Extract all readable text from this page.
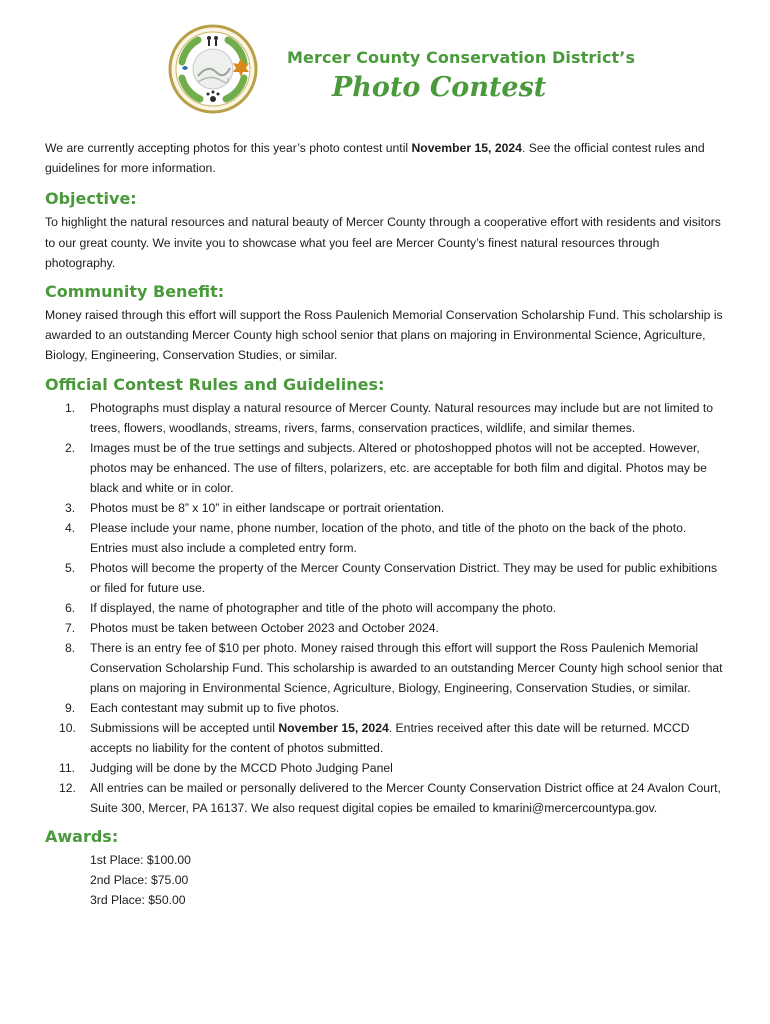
Mercer County Conservation District’s
Photo Contest

We are currently accepting photos for this year’s photo contest until November 15, 2024. See the official contest rules and guidelines for more information.

Objective:

To highlight the natural resources and natural beauty of Mercer County through a cooperative effort with residents and visitors to our great county. We invite you to showcase what you feel are Mercer County’s finest natural resources through photography.

Community Benefit:

Money raised through this effort will support the Ross Paulenich Memorial Conservation Scholarship Fund. This scholarship is awarded to an outstanding Mercer County high school senior that plans on majoring in Environmental Science, Agriculture, Biology, Engineering, Conservation Studies, or similar.

Official Contest Rules and Guidelines:
1.	Photographs must display a natural resource of Mercer County. Natural resources may include but are not limited to trees, flowers, woodlands, streams, rivers, farms, conservation practices, wildlife, and similar themes.
2.	Images must be of the true settings and subjects. Altered or photoshopped photos will not be accepted. However, photos may be enhanced. The use of filters, polarizers, etc. are acceptable for both film and digital. Photos may be black and white or in color.
3.	Photos must be 8” x 10” in either landscape or portrait orientation.
4.	Please include your name, phone number, location of the photo, and title of the photo on the back of the photo. Entries must also include a completed entry form.
5.	Photos will become the property of the Mercer County Conservation District. They may be used for public exhibitions or filed for future use.
6.	If displayed, the name of photographer and title of the photo will accompany the photo.
7.	Photos must be taken between October 2023 and October 2024.
8.	There is an entry fee of $10 per photo. Money raised through this effort will support the Ross Paulenich Memorial Conservation Scholarship Fund. This scholarship is awarded to an outstanding Mercer County high school senior that plans on majoring in Environmental Science, Agriculture, Biology, Engineering, Conservation Studies, or similar.
9.	Each contestant may submit up to five photos.
10. Submissions will be accepted until November 15, 2024. Entries received after this date will be returned. MCCD accepts no liability for the content of photos submitted.
11.	Judging will be done by the MCCD Photo Judging Panel
12. All entries can be mailed or personally delivered to the Mercer County Conservation District office at 24 Avalon Court, Suite 300, Mercer, PA 16137. We also request digital copies be emailed to kmarini@mercercountypa.gov.
Awards:
1st Place: $100.00
2nd Place: $75.00
3rd Place: $50.00
